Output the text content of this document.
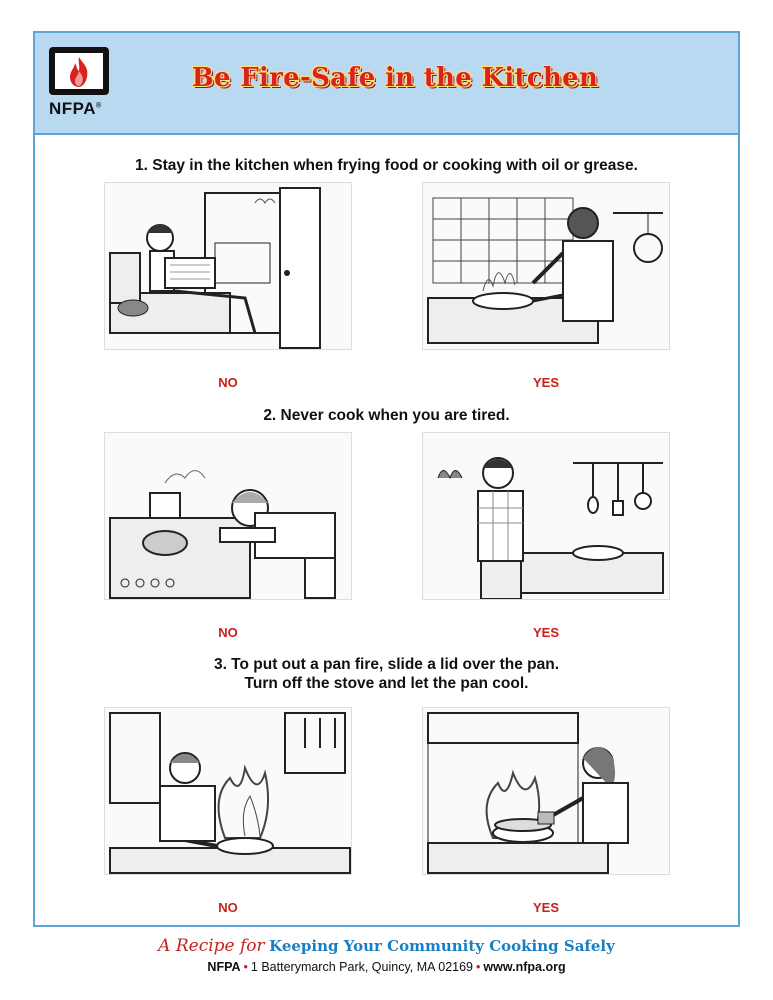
NFPA®
Be Fire-Safe in the Kitchen
1. Stay in the kitchen when frying food or cooking with oil or grease.
NO	YES
2. Never cook when you are tired.
NO	YES
3. To put out a pan fire, slide a lid over the pan.
Turn off the stove and let the pan cool.
NO	YES
A Recipe for Keeping Your Community Cooking Safely
NFPA • 1 Batterymarch Park, Quincy, MA 02169 • www.nfpa.org
